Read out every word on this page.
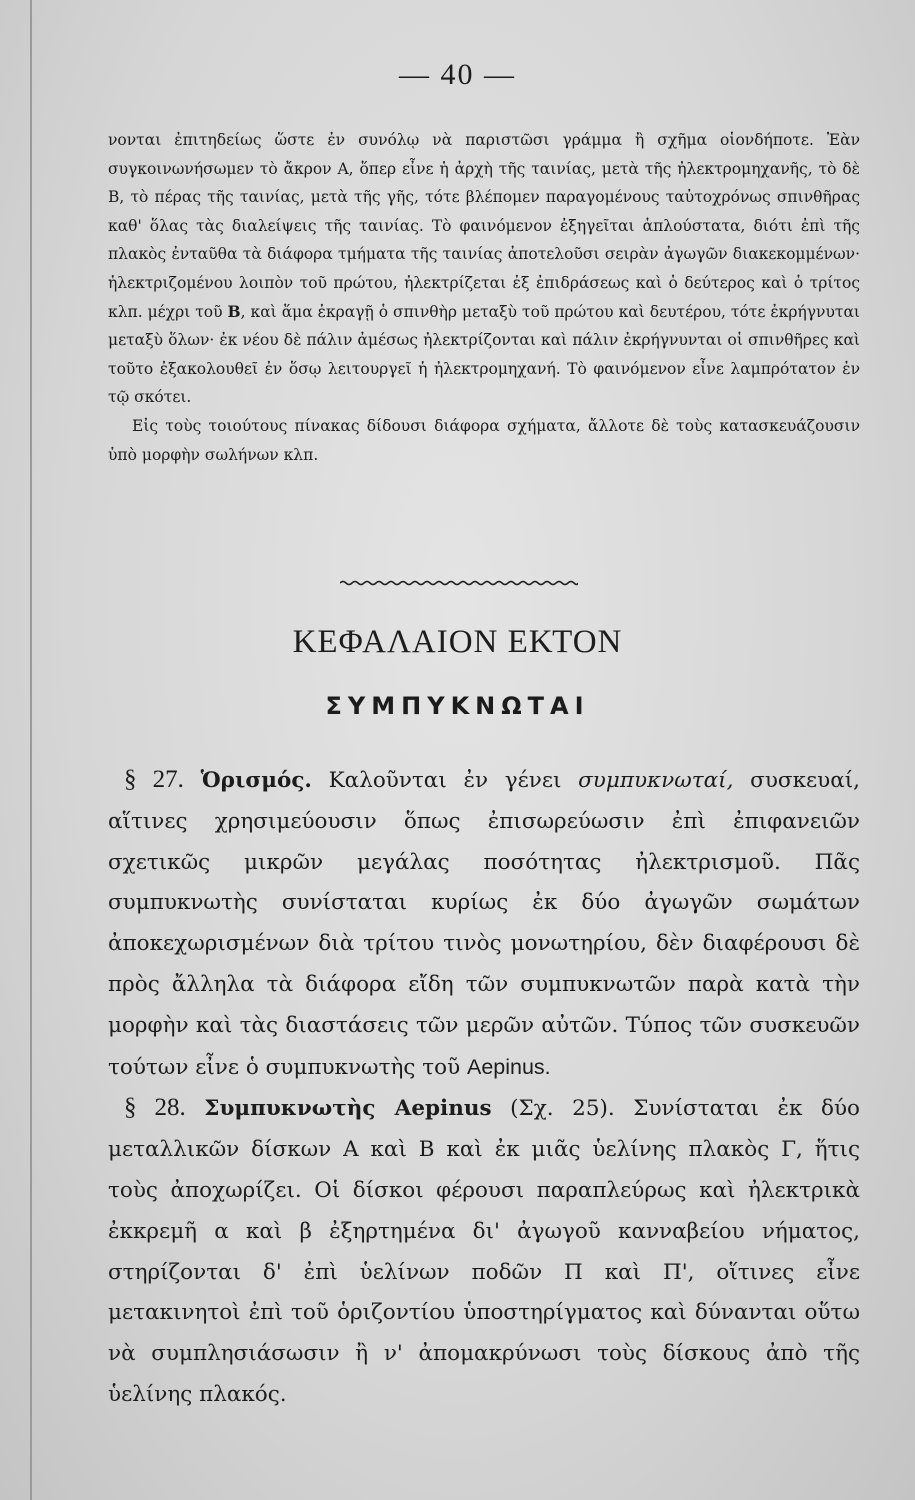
— 40 —

νονται ἐπιτηδείως ὥστε ἐν συνόλῳ νὰ παριστῶσι γράμμα ἢ σχῆμα οἱονδήποτε. Ἐὰν συγκοινωνήσωμεν τὸ ἄκρον Α, ὅπερ εἶνε ἡ ἀρχὴ τῆς ταινίας, μετὰ τῆς ἠλεκτρομηχανῆς, τὸ δὲ Β, τὸ πέρας τῆς ταινίας, μετὰ τῆς γῆς, τότε βλέπομεν παραγομένους ταὐτοχρόνως σπινθῆρας καθ' ὅλας τὰς διαλείψεις τῆς ταινίας. Τὸ φαινόμενον ἐξηγεῖται ἁπλούστατα, διότι ἐπὶ τῆς πλακὸς ἐνταῦθα τὰ διάφορα τμήματα τῆς ταινίας ἀποτελοῦσι σειρὰν ἀγωγῶν διακεκομμένων· ἠλεκτριζομένου λοιπὸν τοῦ πρώτου, ἠλεκτρίζεται ἐξ ἐπιδράσεως καὶ ὁ δεύτερος καὶ ὁ τρίτος κλπ. μέχρι τοῦ Β, καὶ ἅμα ἐκραγῇ ὁ σπινθὴρ μεταξὺ τοῦ πρώτου καὶ δευτέρου, τότε ἐκρήγνυται μεταξὺ ὅλων· ἐκ νέου δὲ πάλιν ἀμέσως ἠλεκτρίζονται καὶ πάλιν ἐκρήγνυνται οἱ σπινθῆρες καὶ τοῦτο ἐξακολουθεῖ ἐν ὅσῳ λειτουργεῖ ἡ ἠλεκτρομηχανή. Τὸ φαινόμενον εἶνε λαμπρότατον ἐν τῷ σκότει.

Εἰς τοὺς τοιούτους πίνακας δίδουσι διάφορα σχήματα, ἄλλοτε δὲ τοὺς κατασκευάζουσιν ὑπὸ μορφὴν σωλήνων κλπ.

ΚΕΦΑΛΑΙΟΝ ΕΚΤΟΝ
ΣΥΜΠΥΚΝΩΤΑΙ

§ 27. Ὁρισμός. Καλοῦνται ἐν γένει συμπυκνωταί, συσκευαί, αἵτινες χρησιμεύουσιν ὅπως ἐπισωρεύωσιν ἐπὶ ἐπιφανειῶν σχετικῶς μικρῶν μεγάλας ποσότητας ἠλεκτρισμοῦ. Πᾶς συμπυκνωτὴς συνίσταται κυρίως ἐκ δύο ἀγωγῶν σωμάτων ἀποκεχωρισμένων διὰ τρίτου τινὸς μονωτηρίου, δὲν διαφέρουσι δὲ πρὸς ἄλληλα τὰ διάφορα εἴδη τῶν συμπυκνωτῶν παρὰ κατὰ τὴν μορφὴν καὶ τὰς διαστάσεις τῶν μερῶν αὐτῶν. Τύπος τῶν συσκευῶν τούτων εἶνε ὁ συμπυκνωτὴς τοῦ Aepinus.

§ 28. Συμπυκνωτὴς Aepinus (Σχ. 25). Συνίσταται ἐκ δύο μεταλλικῶν δίσκων Α καὶ Β καὶ ἐκ μιᾶς ὑελίνης πλακὸς Γ, ἥτις τοὺς ἀποχωρίζει. Οἱ δίσκοι φέρουσι παραπλεύρως καὶ ἠλεκτρικὰ ἐκκρεμῆ α καὶ β ἐξηρτημένα δι' ἀγωγοῦ κανναβείου νήματος, στηρίζονται δ' ἐπὶ ὑελίνων ποδῶν Π καὶ Π', οἵτινες εἶνε μετακινητοὶ ἐπὶ τοῦ ὁριζοντίου ὑποστηρίγματος καὶ δύνανται οὕτω νὰ συμπλησιάσωσιν ἢ ν' ἀπομακρύνωσι τοὺς δίσκους ἀπὸ τῆς ὑελίνης πλακός.
